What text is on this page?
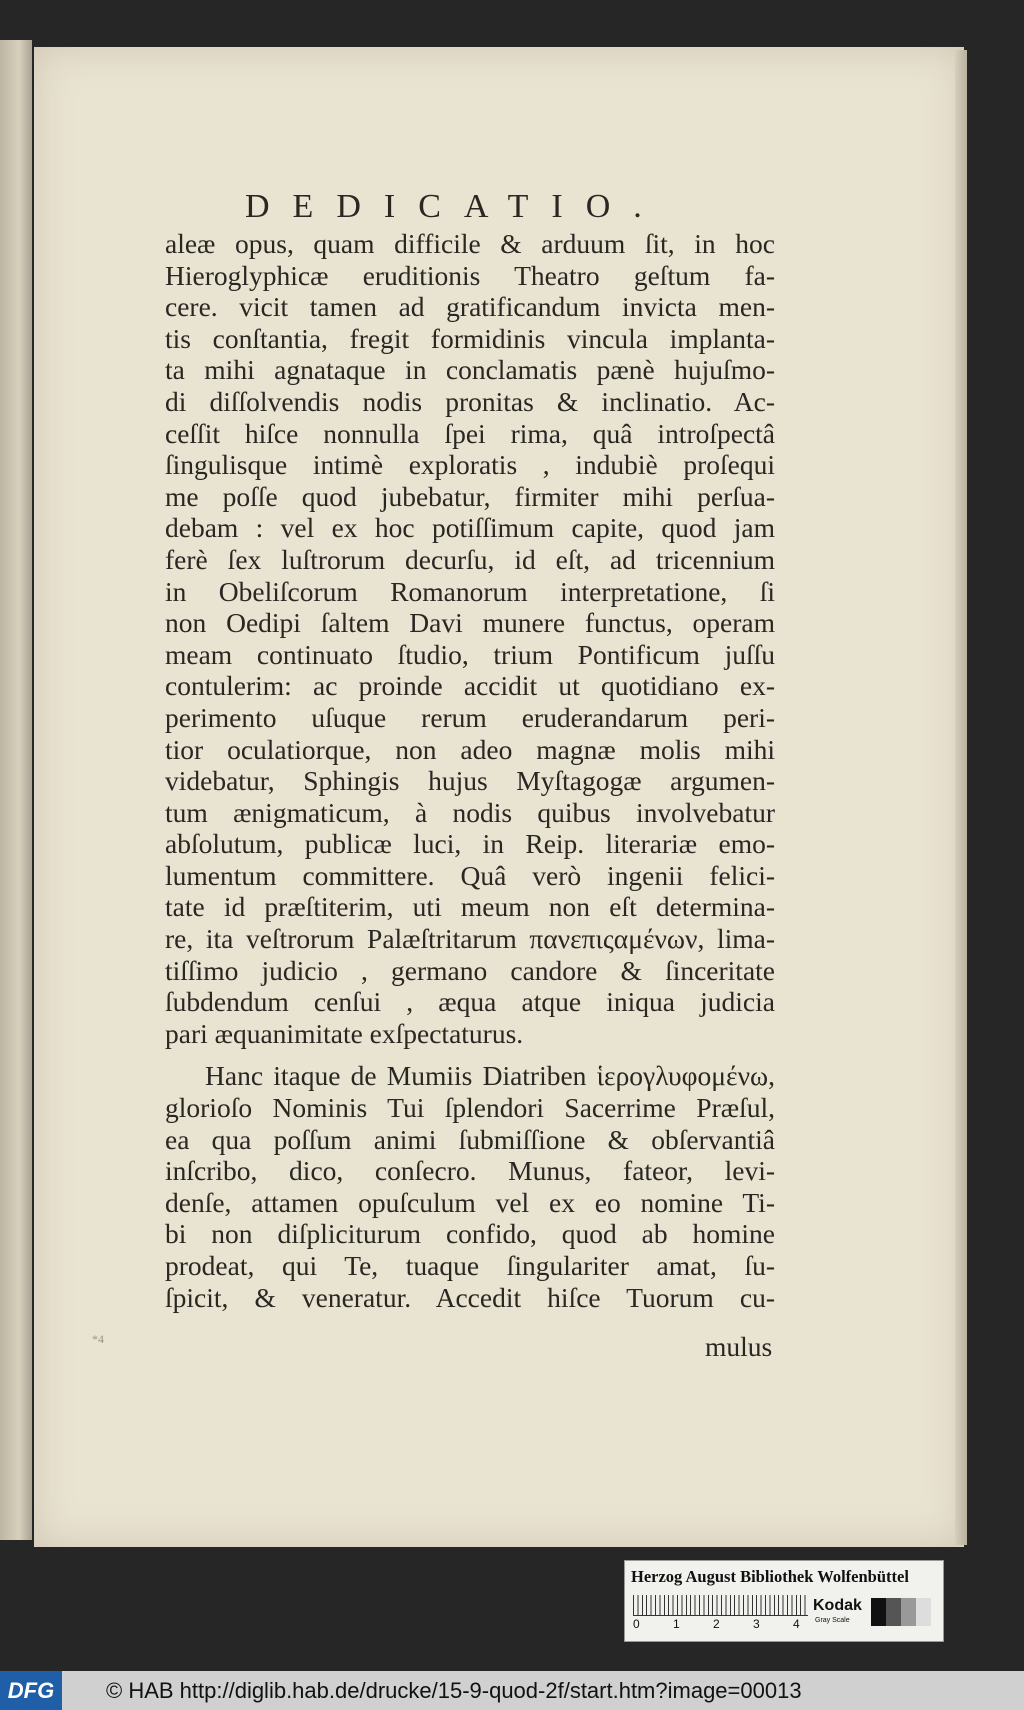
DEDICATIO.
aleæ opus, quam difficile & arduum ſit, in hoc
Hieroglyphicæ eruditionis Theatro geſtum fa-
cere. vicit tamen ad gratificandum invicta men-
tis conſtantia, fregit formidinis vincula implanta-
ta mihi agnataque in conclamatis pænè hujuſmo-
di diſſolvendis nodis pronitas & inclinatio. Ac-
ceſſit hiſce nonnulla ſpei rima, quâ introſpectâ
ſingulisque intimè exploratis , indubiè proſequi
me poſſe quod jubebatur, firmiter mihi perſua-
debam : vel ex hoc potiſſimum capite, quod jam
ferè ſex luſtrorum decurſu, id eſt, ad tricennium
in Obeliſcorum Romanorum interpretatione, ſi
non Oedipi ſaltem Davi munere functus, operam
meam continuato ſtudio, trium Pontificum juſſu
contulerim: ac proinde accidit ut quotidiano ex-
perimento uſuque rerum eruderandarum peri-
tior oculatiorque, non adeo magnæ molis mihi
videbatur, Sphingis hujus Myſtagogæ argumen-
tum ænigmaticum, à nodis quibus involvebatur
abſolutum, publicæ luci, in Reip. literariæ emo-
lumentum committere. Quâ verò ingenii felici-
tate id præſtiterim, uti meum non eſt determina-
re, ita veſtrorum Palæſtritarum πανεπιςαμένων, lima-
tiſſimo judicio , germano candore & ſinceritate
ſubdendum cenſui , æqua atque iniqua judicia
pari æquanimitate exſpectaturus.
Hanc itaque de Mumiis Diatriben ἱερογλυφομένω,
glorioſo Nominis Tui ſplendori Sacerrime Præſul,
ea qua poſſum animi ſubmiſſione & obſervantiâ
inſcribo, dico, conſecro. Munus, fateor, levi-
denſe, attamen opuſculum vel ex eo nomine Ti-
bi non diſpliciturum confido, quod ab homine
prodeat, qui Te, tuaque ſingulariter amat, ſu-
ſpicit, & veneratur. Accedit hiſce Tuorum cu-
*4	mulus
Herzog August Bibliothek Wolfenbüttel
0	1	2	3	4
Kodak
Gray Scale
DFG	© HAB http://diglib.hab.de/drucke/15-9-quod-2f/start.htm?image=00013
